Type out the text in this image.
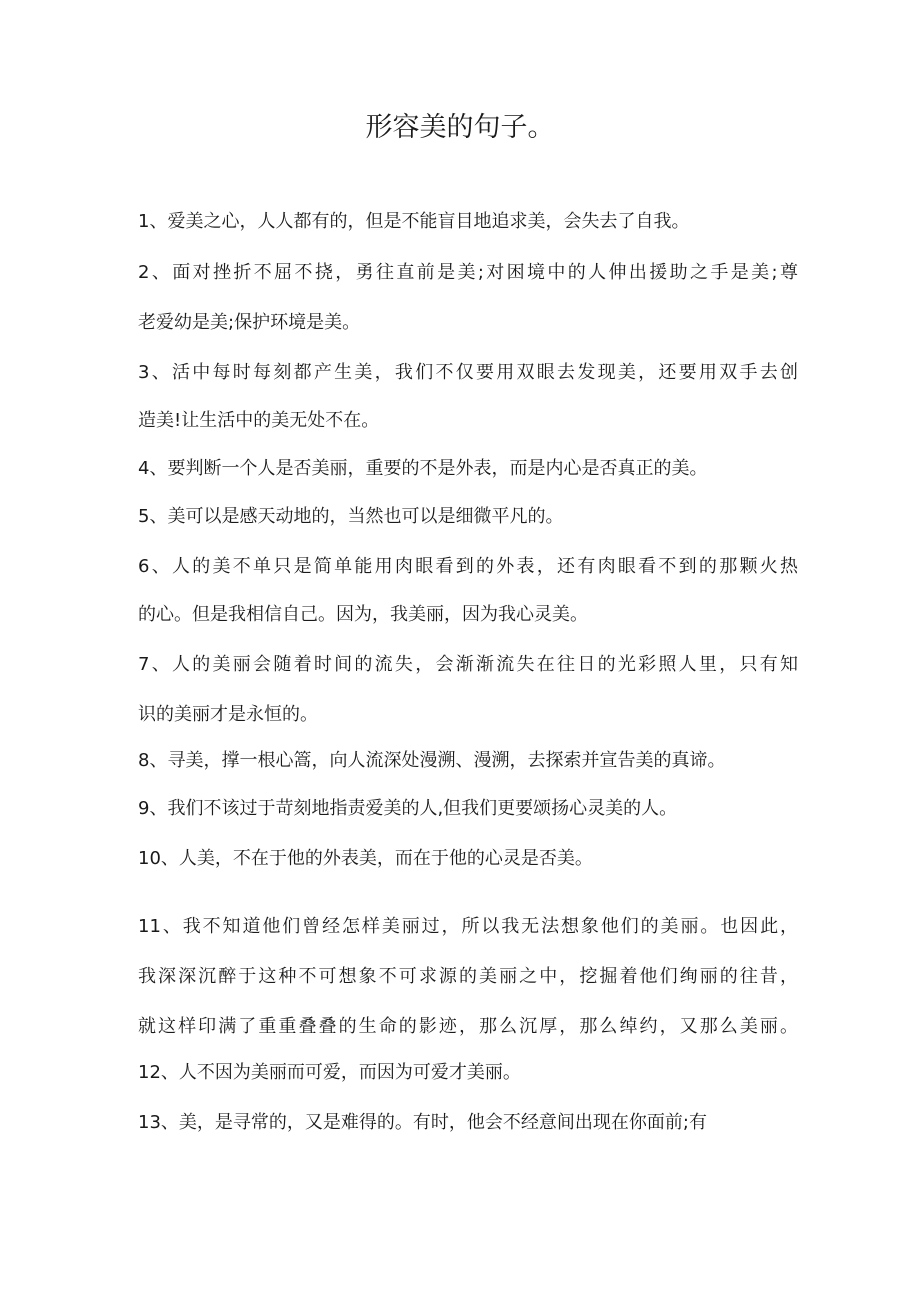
形容美的句子。
1、爱美之心，人人都有的，但是不能盲目地追求美，会失去了自我。
2、面对挫折不屈不挠，勇往直前是美;对困境中的人伸出援助之手是美;尊
老爱幼是美;保护环境是美。
3、活中每时每刻都产生美，我们不仅要用双眼去发现美，还要用双手去创
造美!让生活中的美无处不在。
4、要判断一个人是否美丽，重要的不是外表，而是内心是否真正的美。
5、美可以是感天动地的，当然也可以是细微平凡的。
6、人的美不单只是简单能用肉眼看到的外表，还有肉眼看不到的那颗火热
的心。但是我相信自己。因为，我美丽，因为我心灵美。
7、人的美丽会随着时间的流失，会渐渐流失在往日的光彩照人里，只有知
识的美丽才是永恒的。
8、寻美，撑一根心篙，向人流深处漫溯、漫溯，去探索并宣告美的真谛。
9、我们不该过于苛刻地指责爱美的人,但我们更要颂扬心灵美的人。
10、人美，不在于他的外表美，而在于他的心灵是否美。
11、我不知道他们曾经怎样美丽过，所以我无法想象他们的美丽。也因此，
我深深沉醉于这种不可想象不可求源的美丽之中，挖掘着他们绚丽的往昔，
就这样印满了重重叠叠的生命的影迹，那么沉厚，那么绰约，又那么美丽。
12、人不因为美丽而可爱，而因为可爱才美丽。
13、美，是寻常的，又是难得的。有时，他会不经意间出现在你面前;有
